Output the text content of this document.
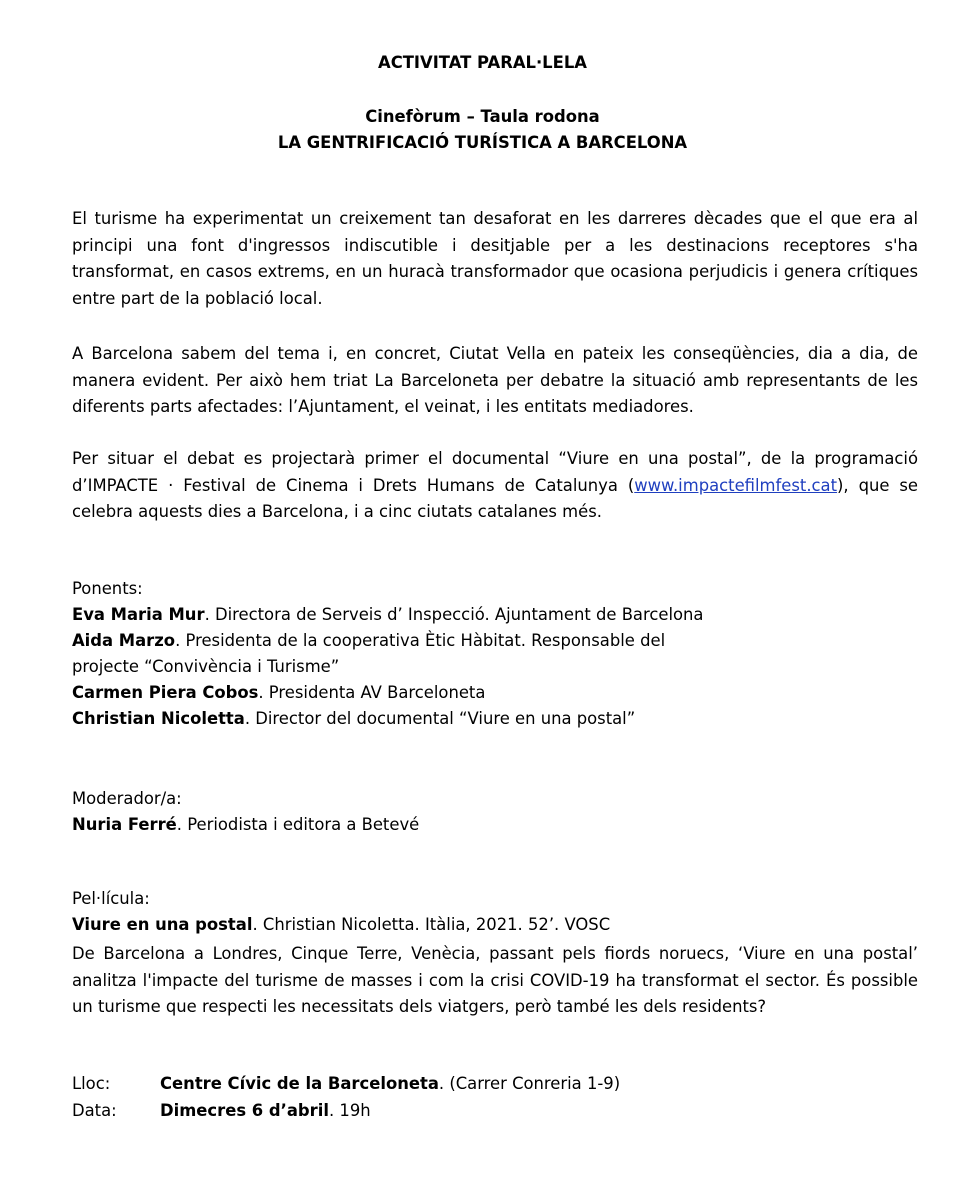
ACTIVITAT PARAL·LELA
Cinefòrum – Taula rodona
LA GENTRIFICACIÓ TURÍSTICA A BARCELONA
El turisme ha experimentat un creixement tan desaforat en les darreres dècades que el que era al principi una font d'ingressos indiscutible i desitjable per a les destinacions receptores s'ha transformat, en casos extrems, en un huracà transformador que ocasiona perjudicis i genera crítiques entre part de la població local.
A Barcelona sabem del tema i, en concret, Ciutat Vella en pateix les conseqüències, dia a dia, de manera evident. Per això hem triat La Barceloneta per debatre la situació amb representants de les diferents parts afectades: l’Ajuntament, el veinat, i les entitats mediadores.
Per situar el debat es projectarà primer el documental “Viure en una postal”, de la programació d’IMPACTE · Festival de Cinema i Drets Humans de Catalunya (www.impactefilmfest.cat), que se celebra aquests dies a Barcelona, i a cinc ciutats catalanes més.
Ponents:
Eva Maria Mur. Directora de Serveis d’ Inspecció. Ajuntament de Barcelona
Aida Marzo. Presidenta de la cooperativa Ètic Hàbitat. Responsable del
projecte “Convivència i Turisme”
Carmen Piera Cobos. Presidenta AV Barceloneta
Christian Nicoletta. Director del documental “Viure en una postal”
Moderador/a:
Nuria Ferré. Periodista i editora a Betevé
Pel·lícula:
Viure en una postal. Christian Nicoletta. Itàlia, 2021. 52’. VOSC
De Barcelona a Londres, Cinque Terre, Venècia, passant pels fiords noruecs, ‘Viure en una postal’ analitza l'impacte del turisme de masses i com la crisi COVID-19 ha transformat el sector. És possible un turisme que respecti les necessitats dels viatgers, però també les dels residents?
Lloc:	Centre Cívic de la Barceloneta. (Carrer Conreria 1-9)
Data:	Dimecres 6 d’abril. 19h
